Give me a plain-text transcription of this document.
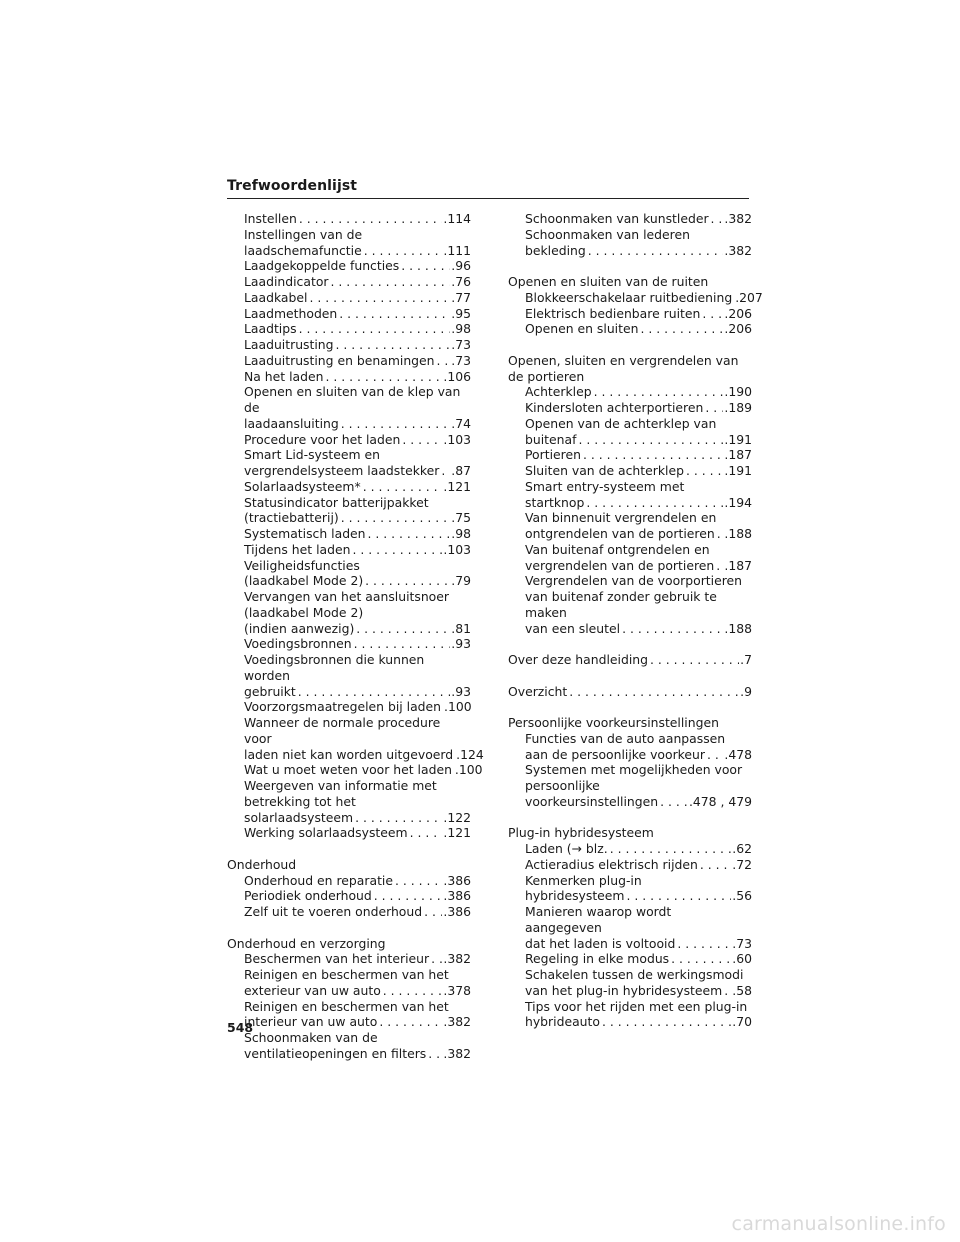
Trefwoordenlijst
Instellen . . .	.114
Instellingen van de
laadschemafunctie . . .	.111
Laadgekoppelde functies . . .	.96
Laadindicator . . .	.76
Laadkabel . . .	.77
Laadmethoden . . .	.95
Laadtips . . .	.98
Laaduitrusting . . .	.73
Laaduitrusting en benamingen . . . .73
Na het laden . . .	.106
Openen en sluiten van de klep van de
laadaansluiting . . .	.74
Procedure voor het laden . . .	.103
Smart Lid-systeem en
vergrendelsysteem laadstekker . . . .87
Solarlaadsysteem* . . .	.121
Statusindicator batterijpakket
(tractiebatterij) . . .	.75
Systematisch laden . . .	.98
Tijdens het laden . . .	.103
Veiligheidsfuncties
(laadkabel Mode 2) . . .	.79
Vervangen van het aansluitsnoer
(laadkabel Mode 2)
(indien aanwezig) . . .	.81
Voedingsbronnen . . .	.93
Voedingsbronnen die kunnen worden
gebruikt . . .	.93
Voorzorgsmaatregelen bij laden . . . .100
Wanneer de normale procedure voor
laden niet kan worden uitgevoerd . . . .124
Wat u moet weten voor het laden . . . .100
Weergeven van informatie met
betrekking tot het
solarlaadsysteem . . .	.122
Werking solarlaadsysteem . . .	.121
Onderhoud
Onderhoud en reparatie . . .	.386
Periodiek onderhoud . . .	.386
Zelf uit te voeren onderhoud . . . .386
Onderhoud en verzorging
Beschermen van het interieur . . . .382
Reinigen en beschermen van het
exterieur van uw auto . . .	.378
Reinigen en beschermen van het
interieur van uw auto . . .	.382
Schoonmaken van de
ventilatieopeningen en filters . . . .382
Schoonmaken van kunstleder . . . .382
Schoonmaken van lederen
bekleding . . .	.382
Openen en sluiten van de ruiten
Blokkeerschakelaar ruitbediening . . . .207
Elektrisch bedienbare ruiten . . . .206
Openen en sluiten . . .	.206
Openen, sluiten en vergrendelen van de portieren
Achterklep . . .	.190
Kindersloten achterportieren . . . .189
Openen van de achterklep van
buitenaf . . .	.191
Portieren . . .	.187
Sluiten van de achterklep . . .	.191
Smart entry-systeem met
startknop . . .	.194
Van binnenuit vergrendelen en
ontgrendelen van de portieren . . . .188
Van buitenaf ontgrendelen en
vergrendelen van de portieren . . . .187
Vergrendelen van de voorportieren
van buitenaf zonder gebruik te maken
van een sleutel . . .	.188
Over deze handleiding . . .	.7
Overzicht . . .	.9
Persoonlijke voorkeursinstellingen
Functies van de auto aanpassen
aan de persoonlijke voorkeur . . . .478
Systemen met mogelijkheden voor
persoonlijke
voorkeursinstellingen . . . .478 , 479
Plug-in hybridesysteem
Laden (→ blz. . . .	.62
Actieradius elektrisch rijden . . .	.72
Kenmerken plug-in
hybridesysteem . . .	.56
Manieren waarop wordt aangegeven
dat het laden is voltooid . . .	.73
Regeling in elke modus . . .	.60
Schakelen tussen de werkingsmodi
van het plug-in hybridesysteem . . . .58
Tips voor het rijden met een plug-in
hybrideauto . . .	.70
548
carmanualsonline.info
